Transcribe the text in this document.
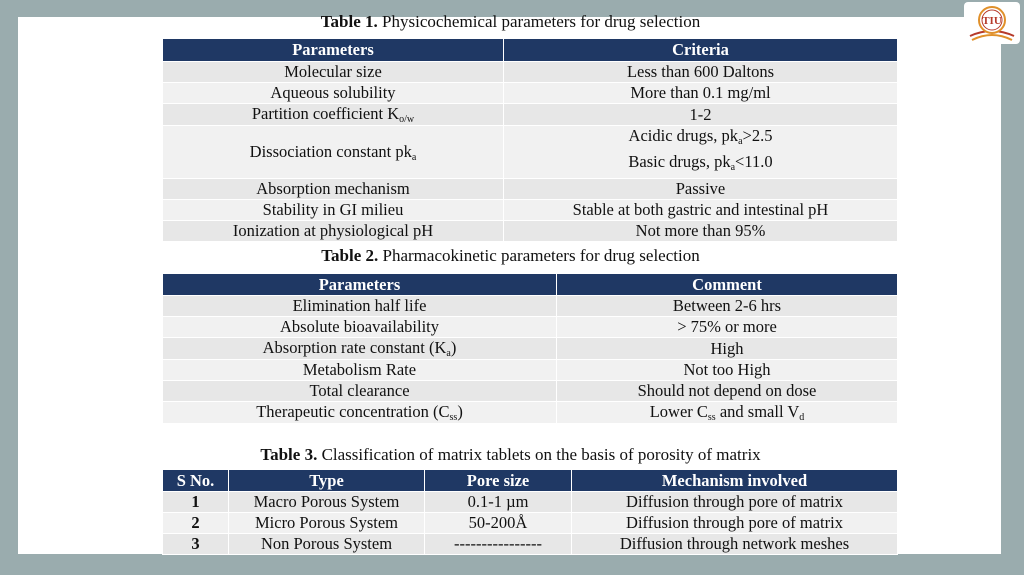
TIU
Table 1. Physicochemical parameters for drug selection
Parameters	Criteria
Molecular size	Less than 600 Daltons
Aqueous solubility	More than 0.1 mg/ml
Partition coefficient $K_{o/w}$	1-2
Dissociation constant $pk_a$	Acidic drugs, $pk_a>2.5$
Basic drugs, $pk_a<11.0$

Absorption mechanism	Passive
Stability in GI milieu	Stable at both gastric and intestinal pH
Ionization at physiological pH	Not more than 95%
Table 2. Pharmacokinetic parameters for drug selection
Parameters	Comment
Elimination half life	Between 2-6 hrs
Absolute bioavailability	> 75% or more
Absorption rate constant $(K_a)$	High
Metabolism Rate	Not too High
Total clearance	Should not depend on dose
Therapeutic concentration $(C_{ss})$	Lower $C_{ss}$ and small $V_d$
Table 3. Classification of matrix tablets on the basis of porosity of matrix
S No.	Type	Pore size	Mechanism involved
1	Macro Porous System	0.1-1 µm	Diffusion through pore of matrix
2	Micro Porous System	50-200Å	Diffusion through pore of matrix
3	Non Porous System	----------------	Diffusion through network meshes
